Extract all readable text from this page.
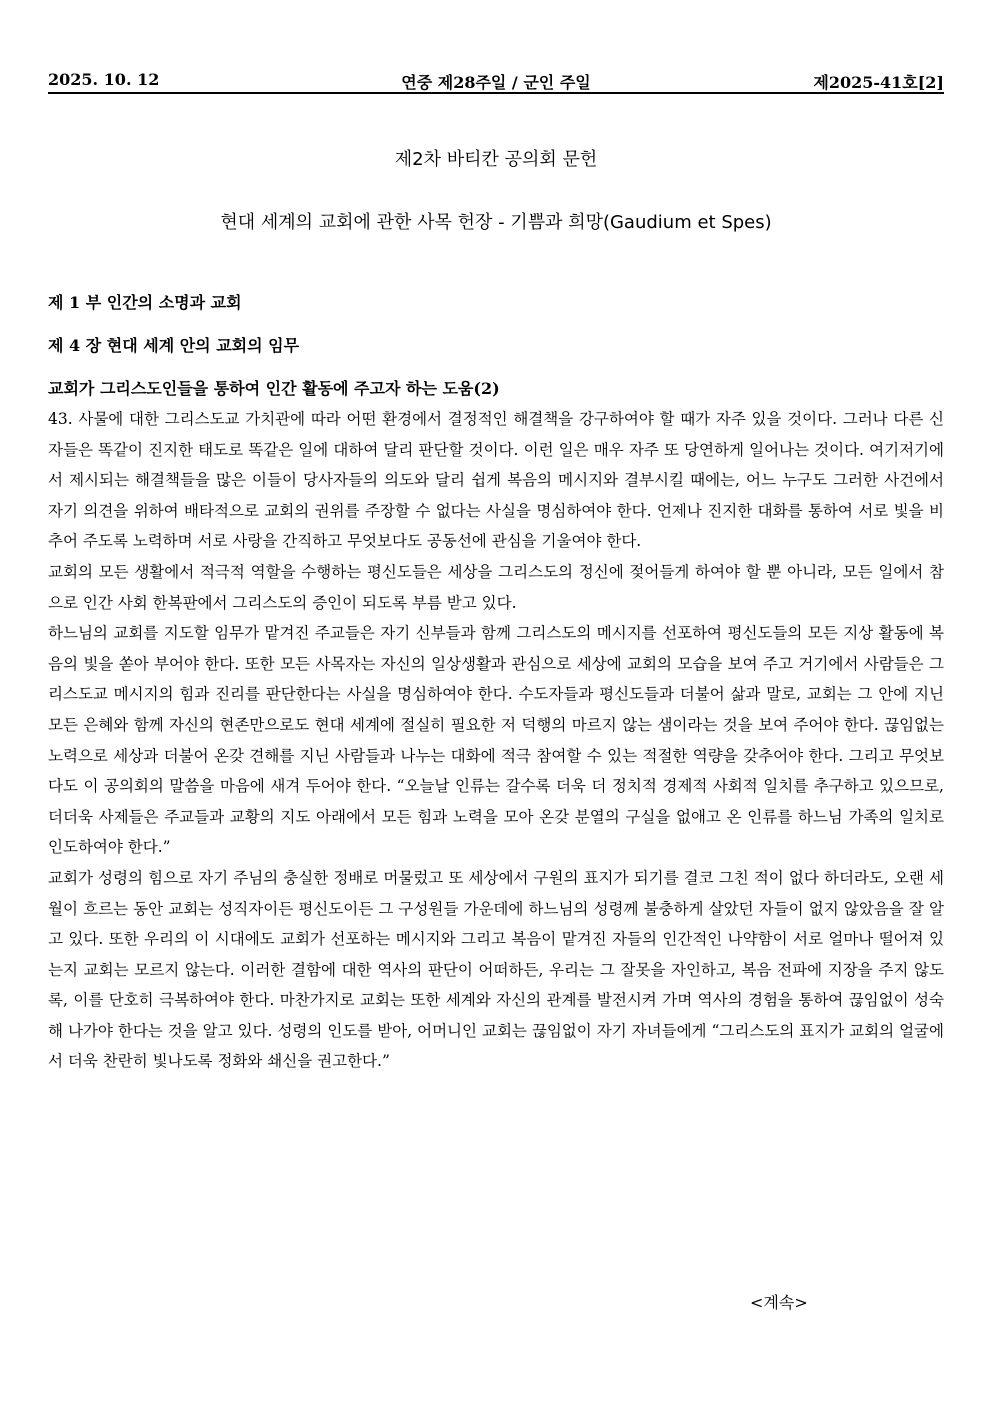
2025. 10. 12	연중 제28주일 / 군인 주일	제2025-41호[2]
제2차 바티칸 공의회 문헌
현대 세계의 교회에 관한 사목 헌장 - 기쁨과 희망(Gaudium et Spes)
제 1 부 인간의 소명과 교회
제 4 장 현대 세계 안의 교회의 임무
교회가 그리스도인들을 통하여 인간 활동에 주고자 하는 도움(2)

43. 사물에 대한 그리스도교 가치관에 따라 어떤 환경에서 결정적인 해결책을 강구하여야 할 때가 자주 있을 것이다. 그러나 다른 신자들은 똑같이 진지한 태도로 똑같은 일에 대하여 달리 판단할 것이다. 이런 일은 매우 자주 또 당연하게 일어나는 것이다. 여기저기에서 제시되는 해결책들을 많은 이들이 당사자들의 의도와 달리 쉽게 복음의 메시지와 결부시킬 때에는, 어느 누구도 그러한 사건에서 자기 의견을 위하여 배타적으로 교회의 권위를 주장할 수 없다는 사실을 명심하여야 한다. 언제나 진지한 대화를 통하여 서로 빛을 비추어 주도록 노력하며 서로 사랑을 간직하고 무엇보다도 공동선에 관심을 기울여야 한다.

교회의 모든 생활에서 적극적 역할을 수행하는 평신도들은 세상을 그리스도의 정신에 젖어들게 하여야 할 뿐 아니라, 모든 일에서 참으로 인간 사회 한복판에서 그리스도의 증인이 되도록 부름 받고 있다.

하느님의 교회를 지도할 임무가 맡겨진 주교들은 자기 신부들과 함께 그리스도의 메시지를 선포하여 평신도들의 모든 지상 활동에 복음의 빛을 쏟아 부어야 한다. 또한 모든 사목자는 자신의 일상생활과 관심으로 세상에 교회의 모습을 보여 주고 거기에서 사람들은 그리스도교 메시지의 힘과 진리를 판단한다는 사실을 명심하여야 한다. 수도자들과 평신도들과 더불어 삶과 말로, 교회는 그 안에 지닌 모든 은혜와 함께 자신의 현존만으로도 현대 세계에 절실히 필요한 저 덕행의 마르지 않는 샘이라는 것을 보여 주어야 한다. 끊임없는 노력으로 세상과 더불어 온갖 견해를 지닌 사람들과 나누는 대화에 적극 참여할 수 있는 적절한 역량을 갖추어야 한다. 그리고 무엇보다도 이 공의회의 말씀을 마음에 새겨 두어야 한다. “오늘날 인류는 갈수록 더욱 더 정치적 경제적 사회적 일치를 추구하고 있으므로, 더더욱 사제들은 주교들과 교황의 지도 아래에서 모든 힘과 노력을 모아 온갖 분열의 구실을 없애고 온 인류를 하느님 가족의 일치로 인도하여야 한다.”

교회가 성령의 힘으로 자기 주님의 충실한 정배로 머물렀고 또 세상에서 구원의 표지가 되기를 결코 그친 적이 없다 하더라도, 오랜 세월이 흐르는 동안 교회는 성직자이든 평신도이든 그 구성원들 가운데에 하느님의 성령께 불충하게 살았던 자들이 없지 않았음을 잘 알고 있다. 또한 우리의 이 시대에도 교회가 선포하는 메시지와 그리고 복음이 맡겨진 자들의 인간적인 나약함이 서로 얼마나 떨어져 있는지 교회는 모르지 않는다. 이러한 결함에 대한 역사의 판단이 어떠하든, 우리는 그 잘못을 자인하고, 복음 전파에 지장을 주지 않도록, 이를 단호히 극복하여야 한다. 마찬가지로 교회는 또한 세계와 자신의 관계를 발전시켜 가며 역사의 경험을 통하여 끊임없이 성숙해 나가야 한다는 것을 알고 있다. 성령의 인도를 받아, 어머니인 교회는 끊임없이 자기 자녀들에게 “그리스도의 표지가 교회의 얼굴에서 더욱 찬란히 빛나도록 정화와 쇄신을 권고한다.”

<계속>
